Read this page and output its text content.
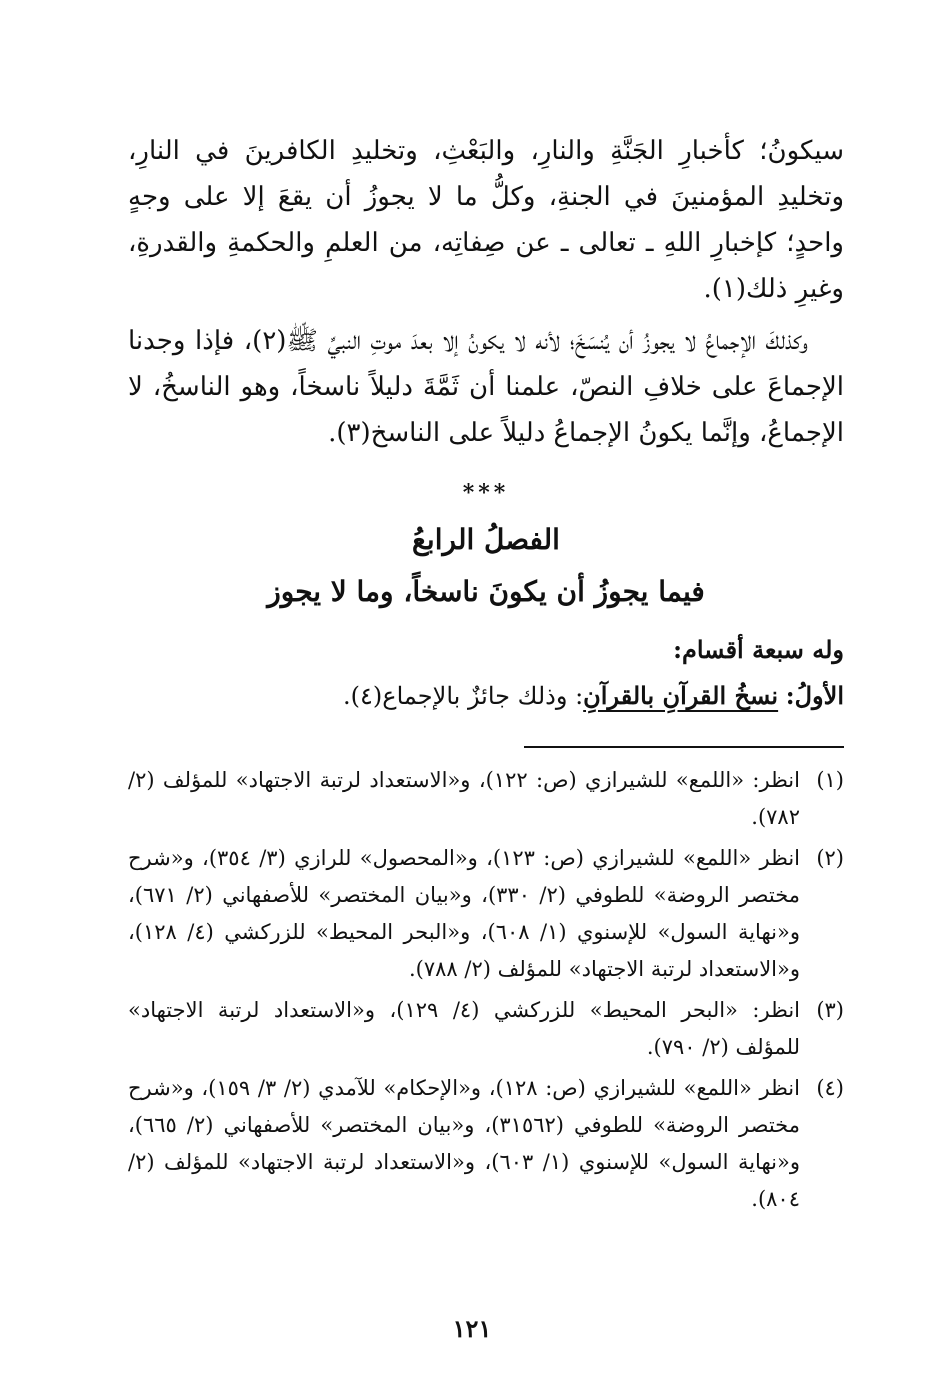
سيكونُ؛ كأخبارِ الجَنَّةِ والنارِ، والبَعْثِ، وتخليدِ الكافرينَ في النارِ، وتخليدِ المؤمنينَ في الجنةِ، وكلُّ ما لا يجوزُ أن يقعَ إلا على وجهٍ واحدٍ؛ كإخبارِ اللهِ ـ تعالى ـ عن صِفاتِه، من العلمِ والحكمةِ والقدرةِ، وغيرِ ذلك(١).

وكذلكَ الإجماعُ لا يجوزُ أن يُنسَخَ؛ لأنه لا يكونُ إلا بعدَ موتِ النبيِّ ﷺ(٢)، فإذا وجدنا الإجماعَ على خلافِ النصّ، علمنا أن ثَمَّةَ دليلاً ناسخاً، وهو الناسخُ، لا الإجماعُ، وإنَّما يكونُ الإجماعُ دليلاً على الناسخ(٣).

***
الفصلُ الرابعُ
فيما يجوزُ أن يكونَ ناسخاً، وما لا يجوز

وله سبعة أقسام:

الأولُ: نسخُ القرآنِ بالقرآنِ: وذلك جائزٌ بالإجماع(٤).

(١)
انظر: «اللمع» للشيرازي (ص: ١٢٢)، و«الاستعداد لرتبة الاجتهاد» للمؤلف (٢/ ٧٨٢).
(٢)
انظر «اللمع» للشيرازي (ص: ١٢٣)، و«المحصول» للرازي (٣/ ٣٥٤)، و«شرح مختصر الروضة» للطوفي (٢/ ٣٣٠)، و«بيان المختصر» للأصفهاني (٢/ ٦٧١)، و«نهاية السول» للإسنوي (١/ ٦٠٨)، و«البحر المحيط» للزركشي (٤/ ١٢٨)، و«الاستعداد لرتبة الاجتهاد» للمؤلف (٢/ ٧٨٨).
(٣)
انظر: «البحر المحيط» للزركشي (٤/ ١٢٩)، و«الاستعداد لرتبة الاجتهاد» للمؤلف (٢/ ٧٩٠).
(٤)
انظر «اللمع» للشيرازي (ص: ١٢٨)، و«الإحكام» للآمدي (٢/ ٣/ ١٥٩)، و«شرح مختصر الروضة» للطوفي (٣١٥٦٢)، و«بيان المختصر» للأصفهاني (٢/ ٦٦٥)، و«نهاية السول» للإسنوي (١/ ٦٠٣)، و«الاستعداد لرتبة الاجتهاد» للمؤلف (٢/ ٨٠٤).
١٢١
